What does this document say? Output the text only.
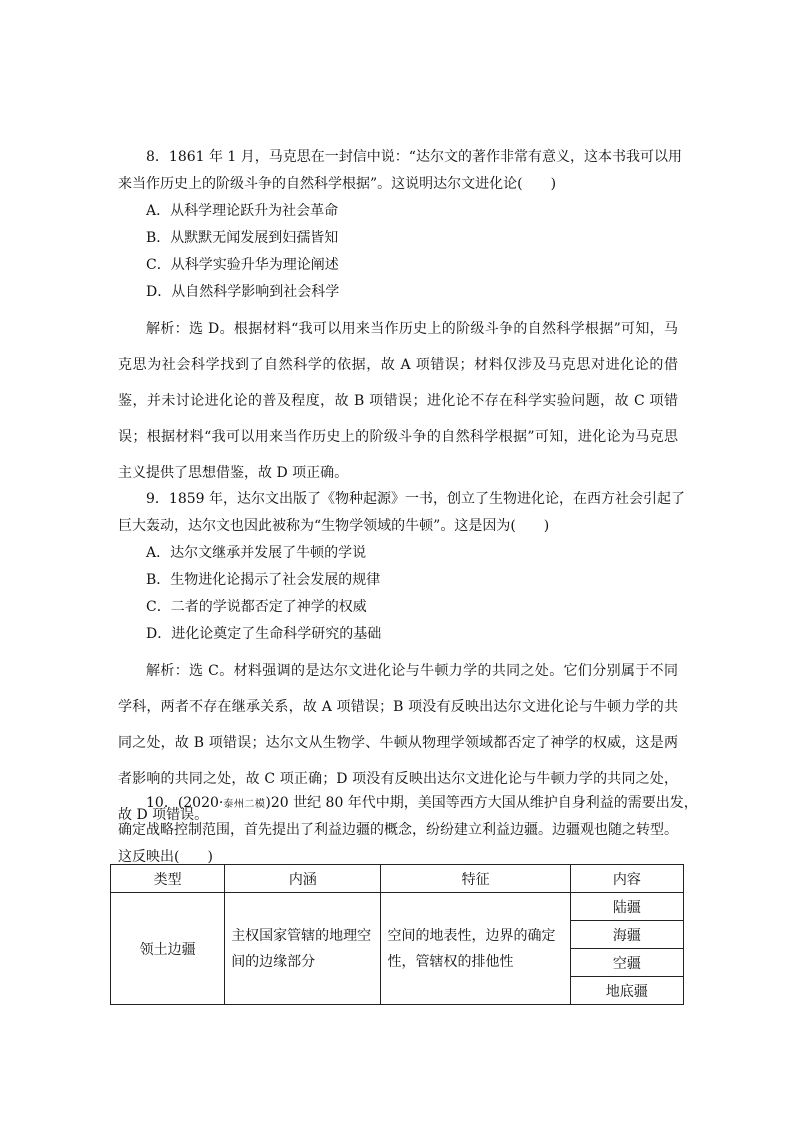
8．1861 年 1 月，马克思在一封信中说：“达尔文的著作非常有意义，这本书我可以用

来当作历史上的阶级斗争的自然科学根据”。这说明达尔文进化论(　　)

A．从科学理论跃升为社会革命

B．从默默无闻发展到妇孺皆知

C．从科学实验升华为理论阐述

D．从自然科学影响到社会科学

解析：选 D。根据材料“我可以用来当作历史上的阶级斗争的自然科学根据”可知，马克思为社会科学找到了自然科学的依据，故 A 项错误；材料仅涉及马克思对进化论的借鉴，并未讨论进化论的普及程度，故 B 项错误；进化论不存在科学实验问题，故 C 项错误；根据材料“我可以用来当作历史上的阶级斗争的自然科学根据”可知，进化论为马克思主义提供了思想借鉴，故 D 项正确。

9．1859 年，达尔文出版了《物种起源》一书，创立了生物进化论，在西方社会引起了

巨大轰动，达尔文也因此被称为“生物学领域的牛顿”。这是因为(　　)

A．达尔文继承并发展了牛顿的学说

B．生物进化论揭示了社会发展的规律

C．二者的学说都否定了神学的权威

D．进化论奠定了生命科学研究的基础

解析：选 C。材料强调的是达尔文进化论与牛顿力学的共同之处。它们分别属于不同学科，两者不存在继承关系，故 A 项错误；B 项没有反映出达尔文进化论与牛顿力学的共同之处，故 B 项错误；达尔文从生物学、牛顿从物理学领域都否定了神学的权威，这是两者影响的共同之处，故 C 项正确；D 项没有反映出达尔文进化论与牛顿力学的共同之处，故 D 项错误。

10．(2020·泰州二模)20 世纪 80 年代中期，美国等西方大国从维护自身利益的需要出发，

确定战略控制范围，首先提出了利益边疆的概念，纷纷建立利益边疆。边疆观也随之转型。

这反映出(　　)

类型	内涵	特征	内容
领土边疆	主权国家管辖的地理空间的边缘部分	空间的地表性，边界的确定性，管辖权的排他性	陆疆
			海疆
			空疆
			地底疆
